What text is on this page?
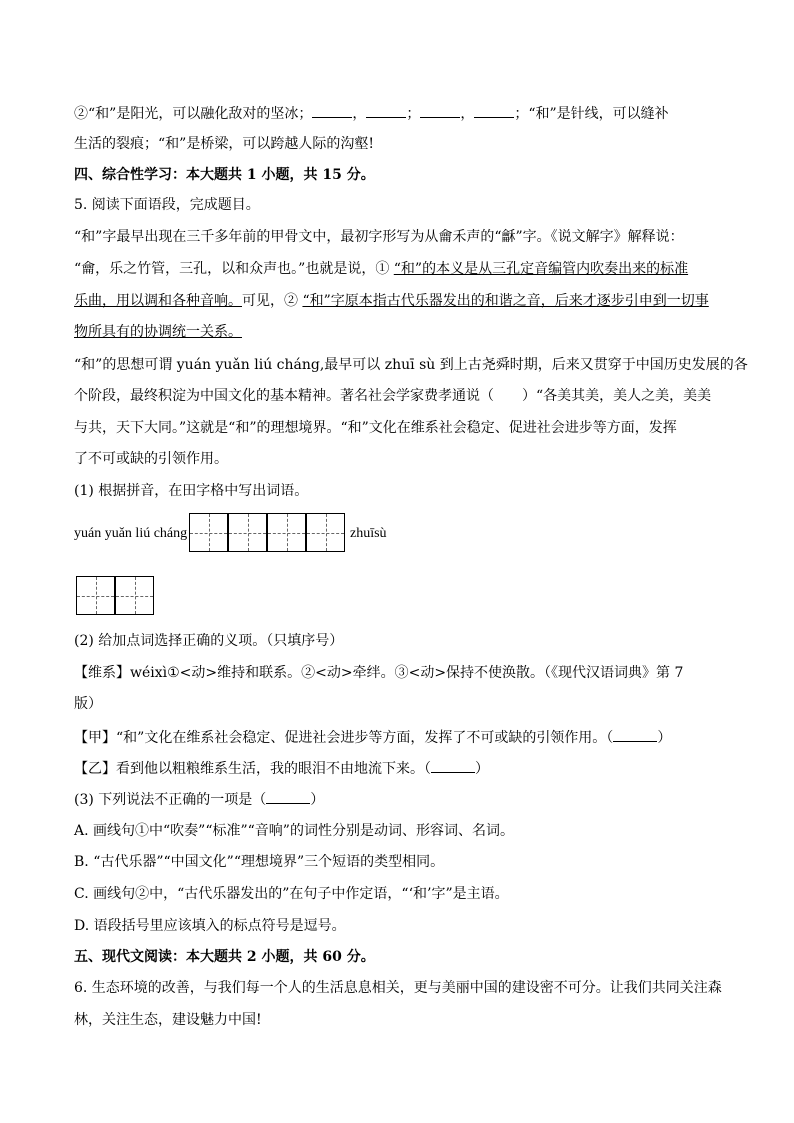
②“和”是阳光，可以融化敌对的坚冰；	，	；	，	；“和”是针线，可以缝补
生活的裂痕；“和”是桥梁，可以跨越人际的沟壑!
四、综合性学习：本大题共 1 小题，共 15 分。
5. 阅读下面语段，完成题目。
“和”字最早出现在三千多年前的甲骨文中，最初字形写为从龠禾声的“龢”字。《说文解字》解释说：
“龠，乐之竹管，三孔，以和众声也。”也就是说，① “和”的本义是从三孔定音编管内吹奏出来的标准
乐曲，用以调和各种音响。可见，② “和”字原本指古代乐器发出的和谐之音，后来才逐步引申到一切事
物所具有的协调统一关系。
“和”的思想可谓 yuán yuǎn liú cháng,最早可以 zhuī sù 到上古尧舜时期，后来又贯穿于中国历史发展的各
个阶段，最终积淀为中国文化的基本精神。著名社会学家费孝通说（　　）“各美其美，美人之美，美美
与共，天下大同。”这就是“和”的理想境界。“和”文化在维系社会稳定、促进社会进步等方面，发挥
了不可或缺的引领作用。
(1) 根据拼音，在田字格中写出词语。
yuán yuǎn liú cháng	zhuīsù
(2) 给加点词选择正确的义项。（只填序号）
【维系】wéixì①<动>维持和联系。②<动>牵绊。③<动>保持不使涣散。（《现代汉语词典》第 7
版）
【甲】“和”文化在维系社会稳定、促进社会进步等方面，发挥了不可或缺的引领作用。（	）
【乙】看到他以粗粮维系生活，我的眼泪不由地流下来。（	）
(3) 下列说法不正确的一项是（	）
A. 画线句①中“吹奏”“标准”“音响”的词性分别是动词、形容词、名词。
B. “古代乐器”“中国文化”“理想境界”三个短语的类型相同。
C. 画线句②中，“古代乐器发出的”在句子中作定语，“‘和’字”是主语。
D. 语段括号里应该填入的标点符号是逗号。
五、现代文阅读：本大题共 2 小题，共 60 分。
6. 生态环境的改善，与我们每一个人的生活息息相关，更与美丽中国的建设密不可分。让我们共同关注森
林，关注生态，建设魅力中国!
